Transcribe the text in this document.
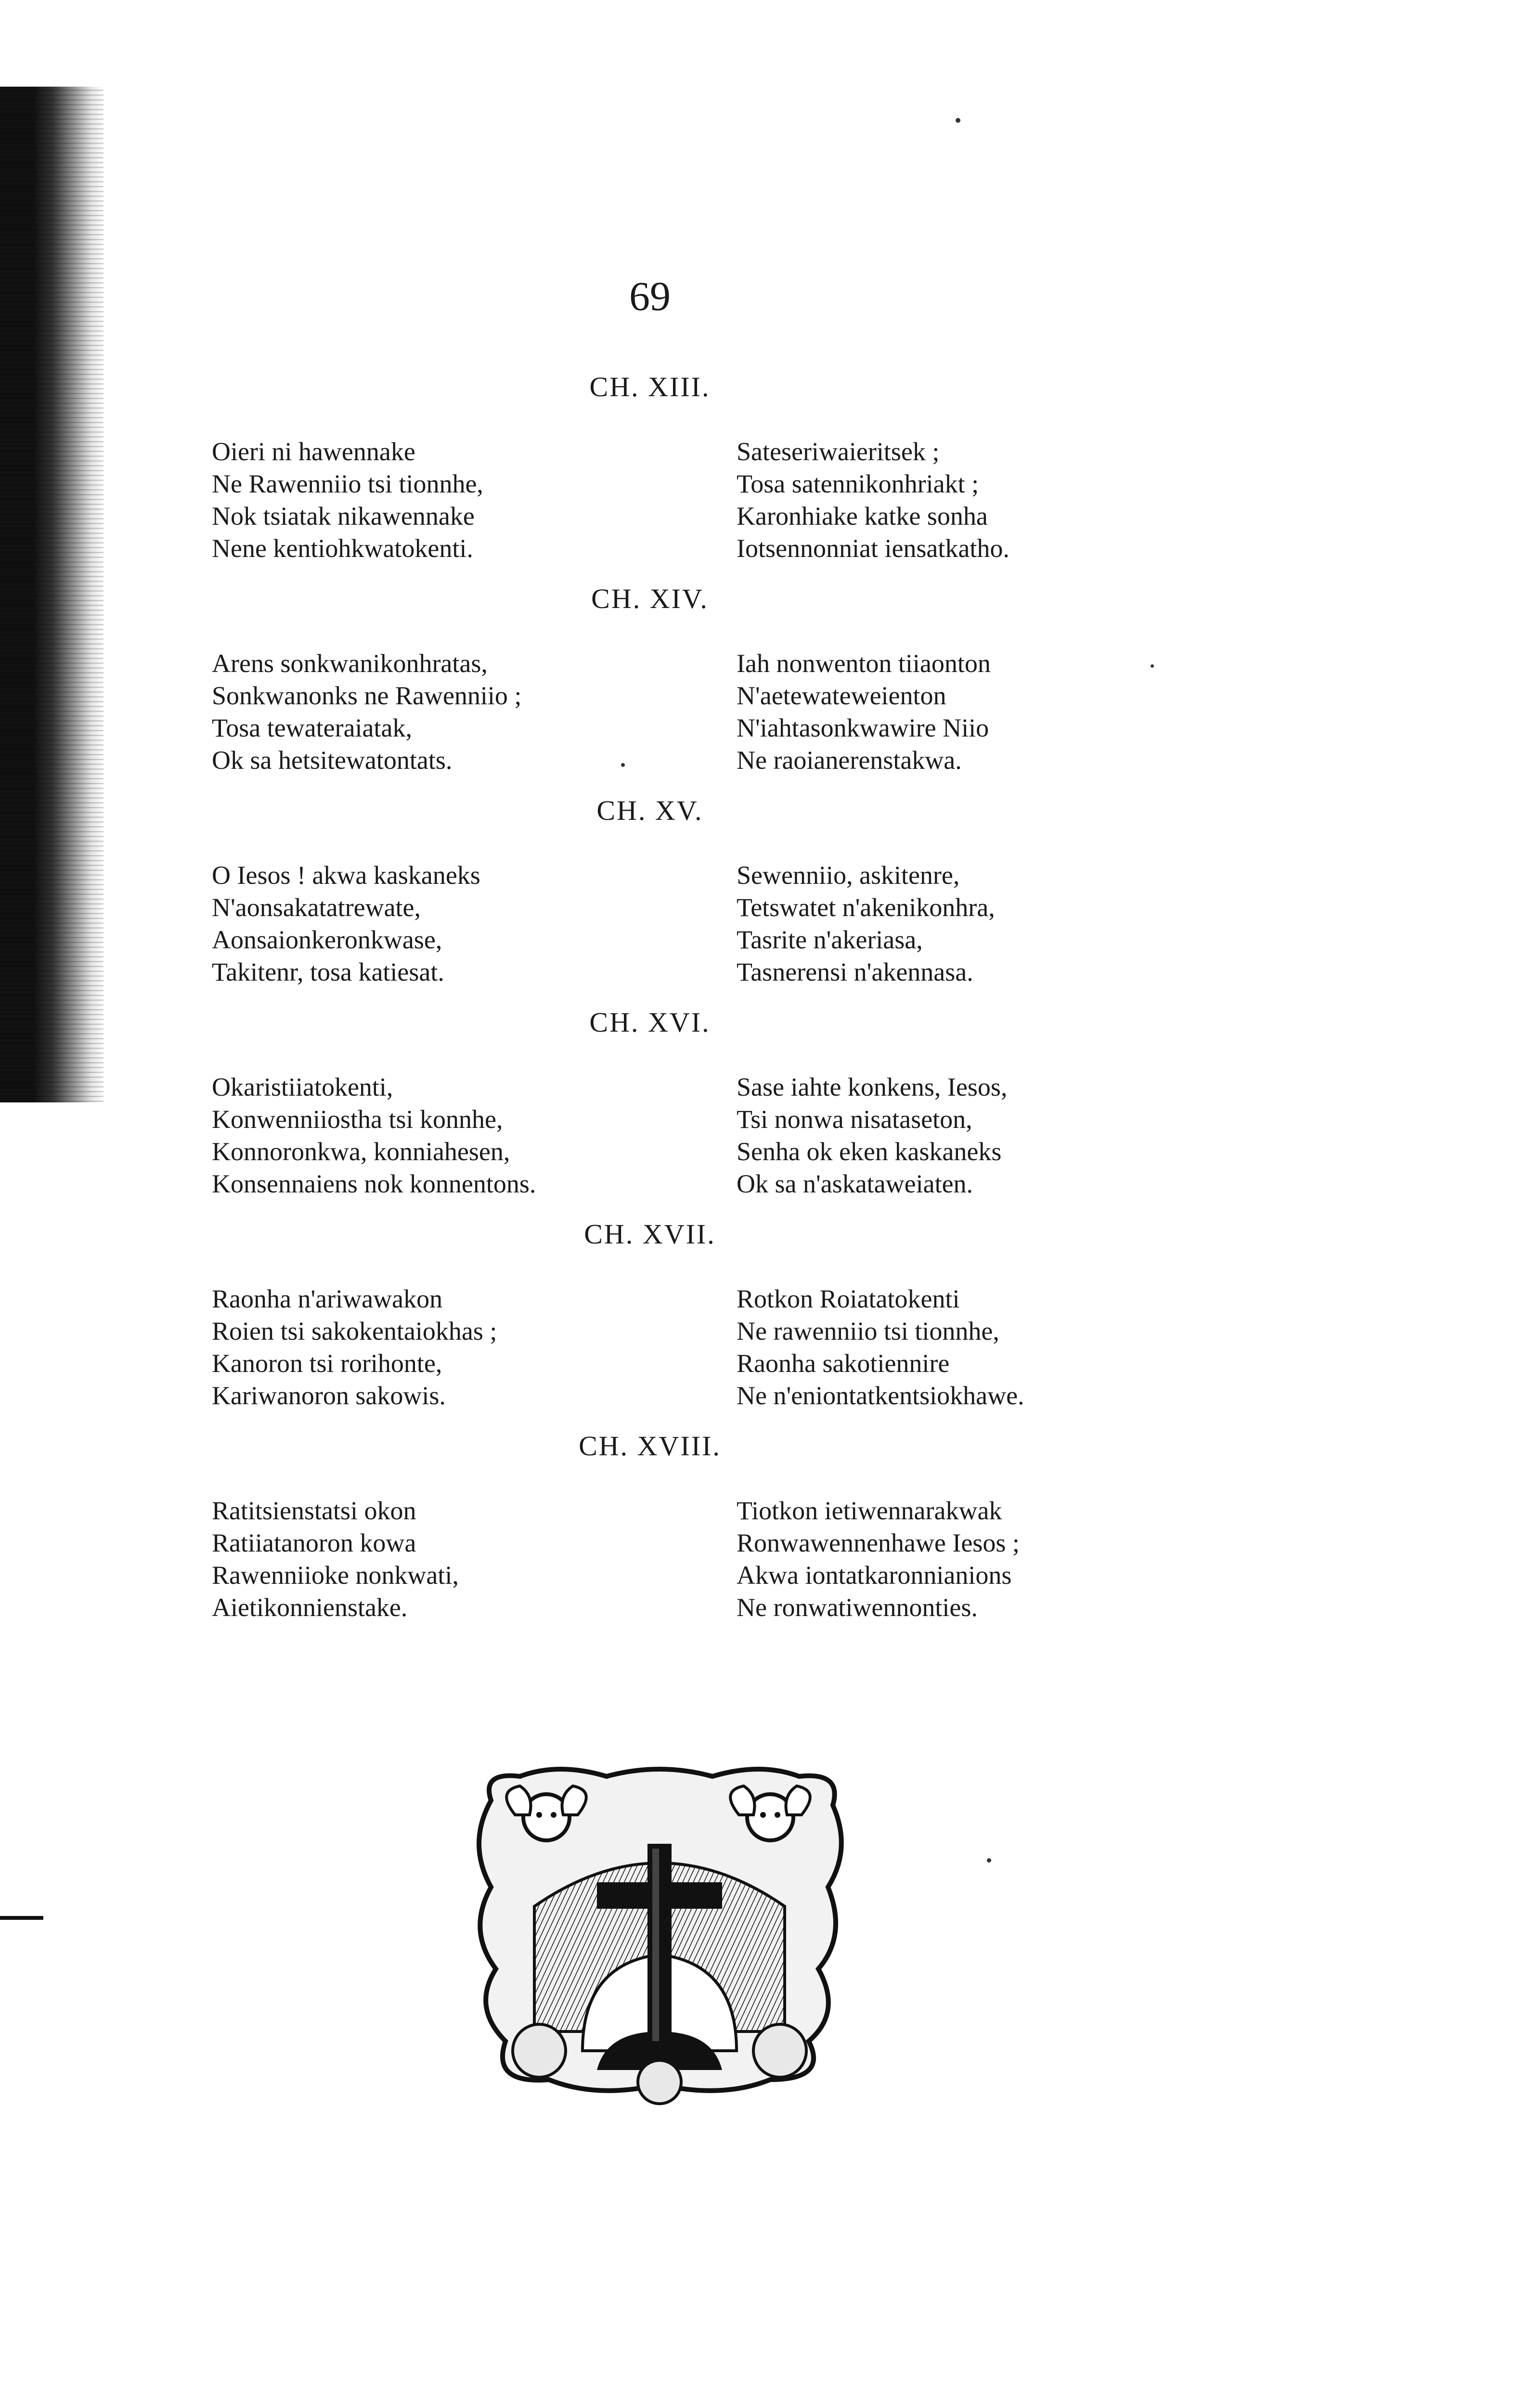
69
CH. XIII.
Oieri ni hawennake
Ne Rawenniio tsi tionnhe,
Nok tsiatak nikawennake
Nene kentiohkwatokenti.
Sateseriwaieritsek ;
Tosa satennikonhriakt ;
Karonhiake katke sonha
Iotsennonniat iensatkatho.
CH. XIV.
Arens sonkwanikonhratas,
Sonkwanonks ne Rawenniio ;
Tosa tewateraiatak,
Ok sa hetsitewatontats.
Iah nonwenton tiiaonton
N'aetewateweienton
N'iahtasonkwawire Niio
Ne raoianerenstakwa.
CH. XV.
O Iesos ! akwa kaskaneks
N'aonsakatatrewate,
Aonsaionkeronkwase,
Takitenr, tosa katiesat.
Sewenniio, askitenre,
Tetswatet n'akenikonhra,
Tasrite n'akeriasa,
Tasnerensi n'akennasa.
CH. XVI.
Okaristiiatokenti,
Konwenniiostha tsi konnhe,
Konnoronkwa, konniahesen,
Konsennaiens nok konnentons.
Sase iahte konkens, Iesos,
Tsi nonwa nisataseton,
Senha ok eken kaskaneks
Ok sa n'askataweiaten.
CH. XVII.
Raonha n'ariwawakon
Roien tsi sakokentaiokhas ;
Kanoron tsi rorihonte,
Kariwanoron sakowis.
Rotkon Roiatatokenti
Ne rawenniio tsi tionnhe,
Raonha sakotiennire
Ne n'eniontatkentsiokhawe.
CH. XVIII.
Ratitsienstatsi okon
Ratiiatanoron kowa
Rawenniioke nonkwati,
Aietikonnienstake.
Tiotkon ietiwennarakwak
Ronwawennenhawe Iesos ;
Akwa iontatkaronnianions
Ne ronwatiwennonties.
